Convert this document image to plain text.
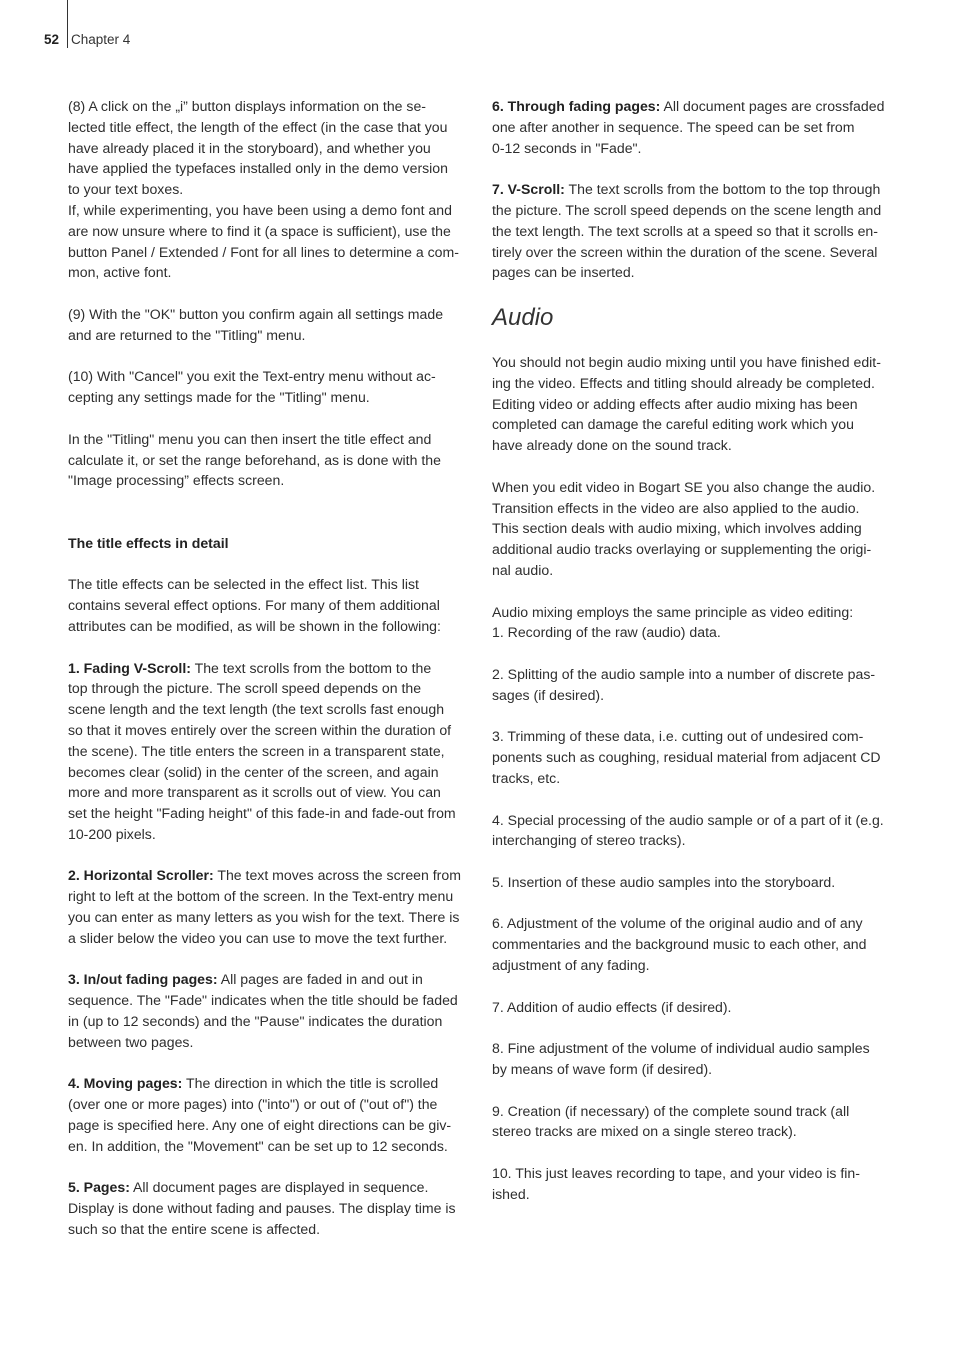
52 Chapter 4

(8) A click on the „i” button displays information on the se-
lected title effect, the length of the effect (in the case that you
have already placed it in the storyboard), and whether you
have applied the typefaces installed only in the demo version
to your text boxes.

If, while experimenting, you have been using a demo font and
are now unsure where to find it (a space is sufficient), use the
button Panel / Extended / Font for all lines to determine a com-
mon, active font.

(9) With the "OK" button you confirm again all settings made
and are returned to the "Titling" menu.

(10) With "Cancel" you exit the Text-entry menu without ac-
cepting any settings made for the "Titling" menu.

In the "Titling" menu you can then insert the title effect and
calculate it, or set the range beforehand, as is done with the
"Image processing” effects screen.

The title effects in detail

The title effects can be selected in the effect list. This list
contains several effect options. For many of them additional
attributes can be modified, as will be shown in the following:

1. Fading V-Scroll: The text scrolls from the bottom to the
top through the picture. The scroll speed depends on the
scene length and the text length (the text scrolls fast enough
so that it moves entirely over the screen within the duration of
the scene). The title enters the screen in a transparent state,
becomes clear (solid) in the center of the screen, and again
more and more transparent as it scrolls out of view. You can
set the height "Fading height" of this fade-in and fade-out from
10-200 pixels.

2. Horizontal Scroller: The text moves across the screen from
right to left at the bottom of the screen. In the Text-entry menu
you can enter as many letters as you wish for the text. There is
a slider below the video you can use to move the text further.

3. In/out fading pages: All pages are faded in and out in
sequence. The "Fade" indicates when the title should be faded
in (up to 12 seconds) and the "Pause" indicates the duration
between two pages.

4. Moving pages: The direction in which the title is scrolled
(over one or more pages) into ("into") or out of ("out of") the
page is specified here. Any one of eight directions can be giv-
en. In addition, the "Movement" can be set up to 12 seconds.

5. Pages: All document pages are displayed in sequence.
Display is done without fading and pauses. The display time is
such so that the entire scene is affected.

6. Through fading pages: All document pages are crossfaded
one after another in sequence. The speed can be set from
0-12 seconds in "Fade".

7. V-Scroll: The text scrolls from the bottom to the top through
the picture. The scroll speed depends on the scene length and
the text length. The text scrolls at a speed so that it scrolls en-
tirely over the screen within the duration of the scene. Several
pages can be inserted.

Audio

You should not begin audio mixing until you have finished edit-
ing the video. Effects and titling should already be completed.
Editing video or adding effects after audio mixing has been
completed can damage the careful editing work which you
have already done on the sound track.

When you edit video in Bogart SE you also change the audio.
Transition effects in the video are also applied to the audio.
This section deals with audio mixing, which involves adding
additional audio tracks overlaying or supplementing the origi-
nal audio.

Audio mixing employs the same principle as video editing:
1. Recording of the raw (audio) data.

2. Splitting of the audio sample into a number of discrete pas-
sages (if desired).

3. Trimming of these data, i.e. cutting out of undesired com-
ponents such as coughing, residual material from adjacent CD
tracks, etc.

4. Special processing of the audio sample or of a part of it (e.g.
interchanging of stereo tracks).

5. Insertion of these audio samples into the storyboard.

6. Adjustment of the volume of the original audio and of any
commentaries and the background music to each other, and
adjustment of any fading.

7. Addition of audio effects (if desired).

8. Fine adjustment of the volume of individual audio samples
by means of wave form (if desired).

9. Creation (if necessary) of the complete sound track (all
stereo tracks are mixed on a single stereo track).

10. This just leaves recording to tape, and your video is fin-
ished.
